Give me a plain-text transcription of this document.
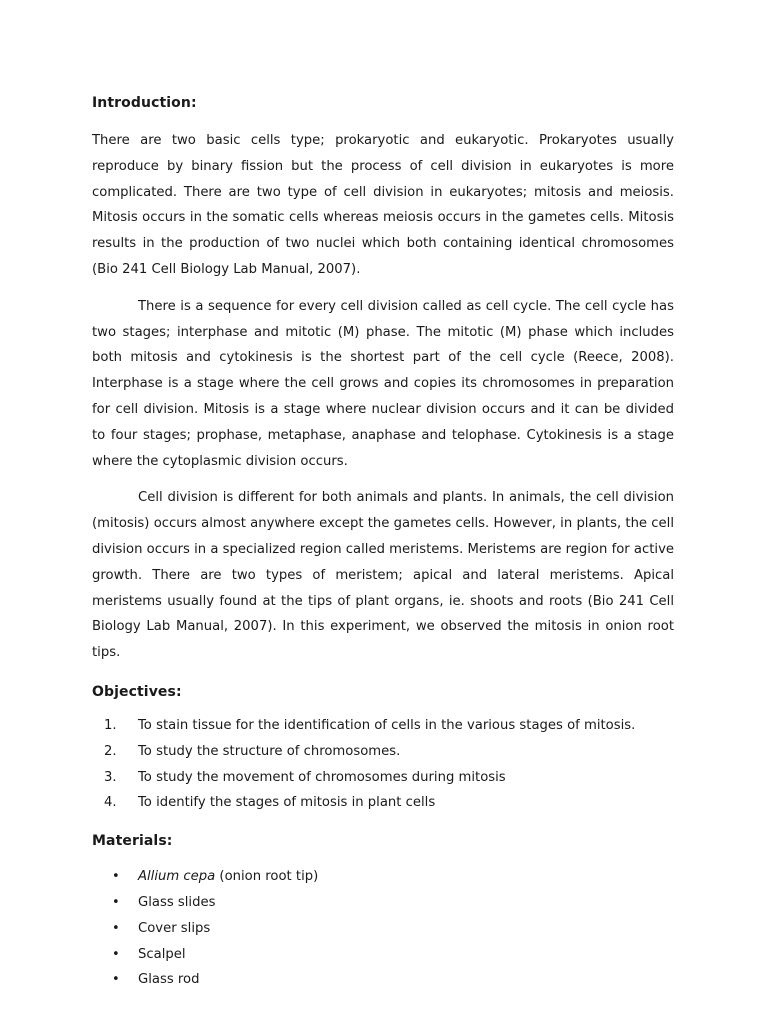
Introduction:

There are two basic cells type; prokaryotic and eukaryotic. Prokaryotes usually reproduce by binary fission but the process of cell division in eukaryotes is more complicated. There are two type of cell division in eukaryotes; mitosis and meiosis. Mitosis occurs in the somatic cells whereas meiosis occurs in the gametes cells. Mitosis results in the production of two nuclei which both containing identical chromosomes (Bio 241 Cell Biology Lab Manual, 2007).

There is a sequence for every cell division called as cell cycle. The cell cycle has two stages; interphase and mitotic (M) phase. The mitotic (M) phase which includes both mitosis and cytokinesis is the shortest part of the cell cycle (Reece, 2008). Interphase is a stage where the cell grows and copies its chromosomes in preparation for cell division. Mitosis is a stage where nuclear division occurs and it can be divided to four stages; prophase, metaphase, anaphase and telophase. Cytokinesis is a stage where the cytoplasmic division occurs.

Cell division is different for both animals and plants. In animals, the cell division (mitosis) occurs almost anywhere except the gametes cells. However, in plants, the cell division occurs in a specialized region called meristems. Meristems are region for active growth. There are two types of meristem; apical and lateral meristems. Apical meristems usually found at the tips of plant organs, ie. shoots and roots (Bio 241 Cell Biology Lab Manual, 2007). In this experiment, we observed the mitosis in onion root tips.

Objectives:
1.	To stain tissue for the identification of cells in the various stages of mitosis.
2.	To study the structure of chromosomes.
3.	To study the movement of chromosomes during mitosis
4.	To identify the stages of mitosis in plant cells
Materials:
•	Allium cepa (onion root tip)
•	Glass slides
•	Cover slips
•	Scalpel
•	Glass rod
